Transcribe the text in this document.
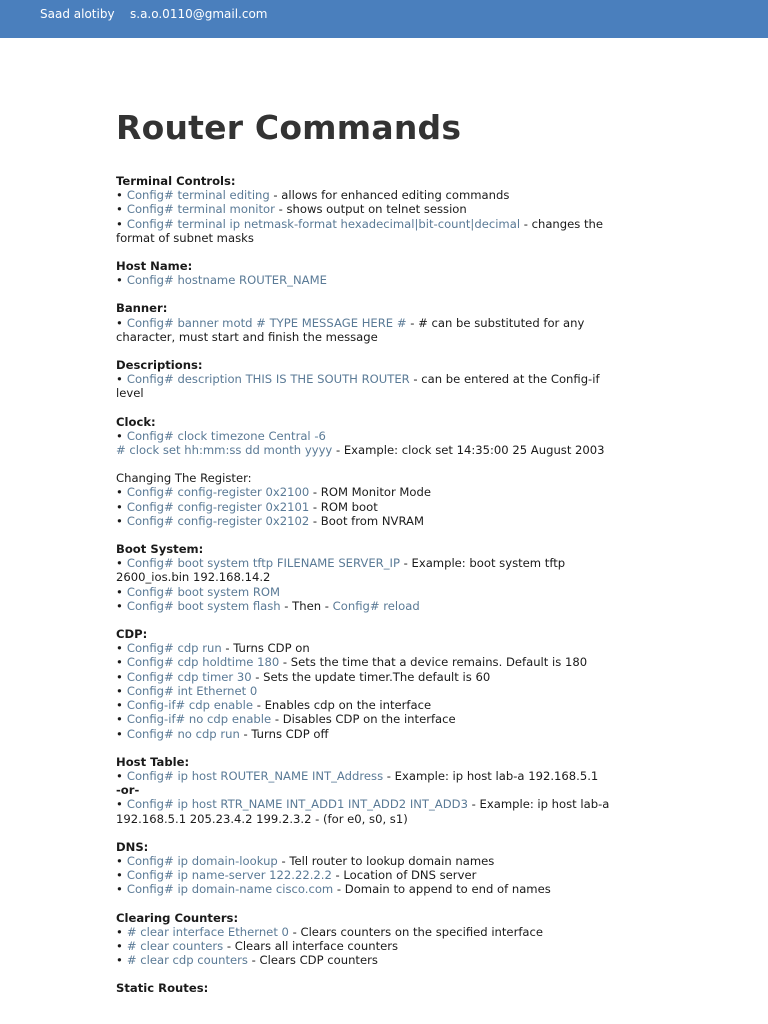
Saad alotiby s.a.o.0110@gmail.com
Router Commands
Terminal Controls:
• Config# terminal editing - allows for enhanced editing commands
• Config# terminal monitor - shows output on telnet session
• Config# terminal ip netmask-format hexadecimal|bit-count|decimal - changes the format of subnet masks
Host Name:
• Config# hostname ROUTER_NAME
Banner:
• Config# banner motd # TYPE MESSAGE HERE # - # can be substituted for any character, must start and finish the message
Descriptions:
• Config# description THIS IS THE SOUTH ROUTER - can be entered at the Config-if level
Clock:
• Config# clock timezone Central -6
# clock set hh:mm:ss dd month yyyy - Example: clock set 14:35:00 25 August 2003
Changing The Register:
• Config# config-register 0x2100 - ROM Monitor Mode
• Config# config-register 0x2101 - ROM boot
• Config# config-register 0x2102 - Boot from NVRAM
Boot System:
• Config# boot system tftp FILENAME SERVER_IP - Example: boot system tftp 2600_ios.bin 192.168.14.2
• Config# boot system ROM
• Config# boot system flash - Then - Config# reload
CDP:
• Config# cdp run - Turns CDP on
• Config# cdp holdtime 180 - Sets the time that a device remains. Default is 180
• Config# cdp timer 30 - Sets the update timer.The default is 60
• Config# int Ethernet 0
• Config-if# cdp enable - Enables cdp on the interface
• Config-if# no cdp enable - Disables CDP on the interface
• Config# no cdp run - Turns CDP off
Host Table:
• Config# ip host ROUTER_NAME INT_Address - Example: ip host lab-a 192.168.5.1
-or-
• Config# ip host RTR_NAME INT_ADD1 INT_ADD2 INT_ADD3 - Example: ip host lab-a 192.168.5.1 205.23.4.2 199.2.3.2 - (for e0, s0, s1)
DNS:
• Config# ip domain-lookup - Tell router to lookup domain names
• Config# ip name-server 122.22.2.2 - Location of DNS server
• Config# ip domain-name cisco.com - Domain to append to end of names
Clearing Counters:
• # clear interface Ethernet 0 - Clears counters on the specified interface
• # clear counters - Clears all interface counters
• # clear cdp counters - Clears CDP counters
Static Routes:
